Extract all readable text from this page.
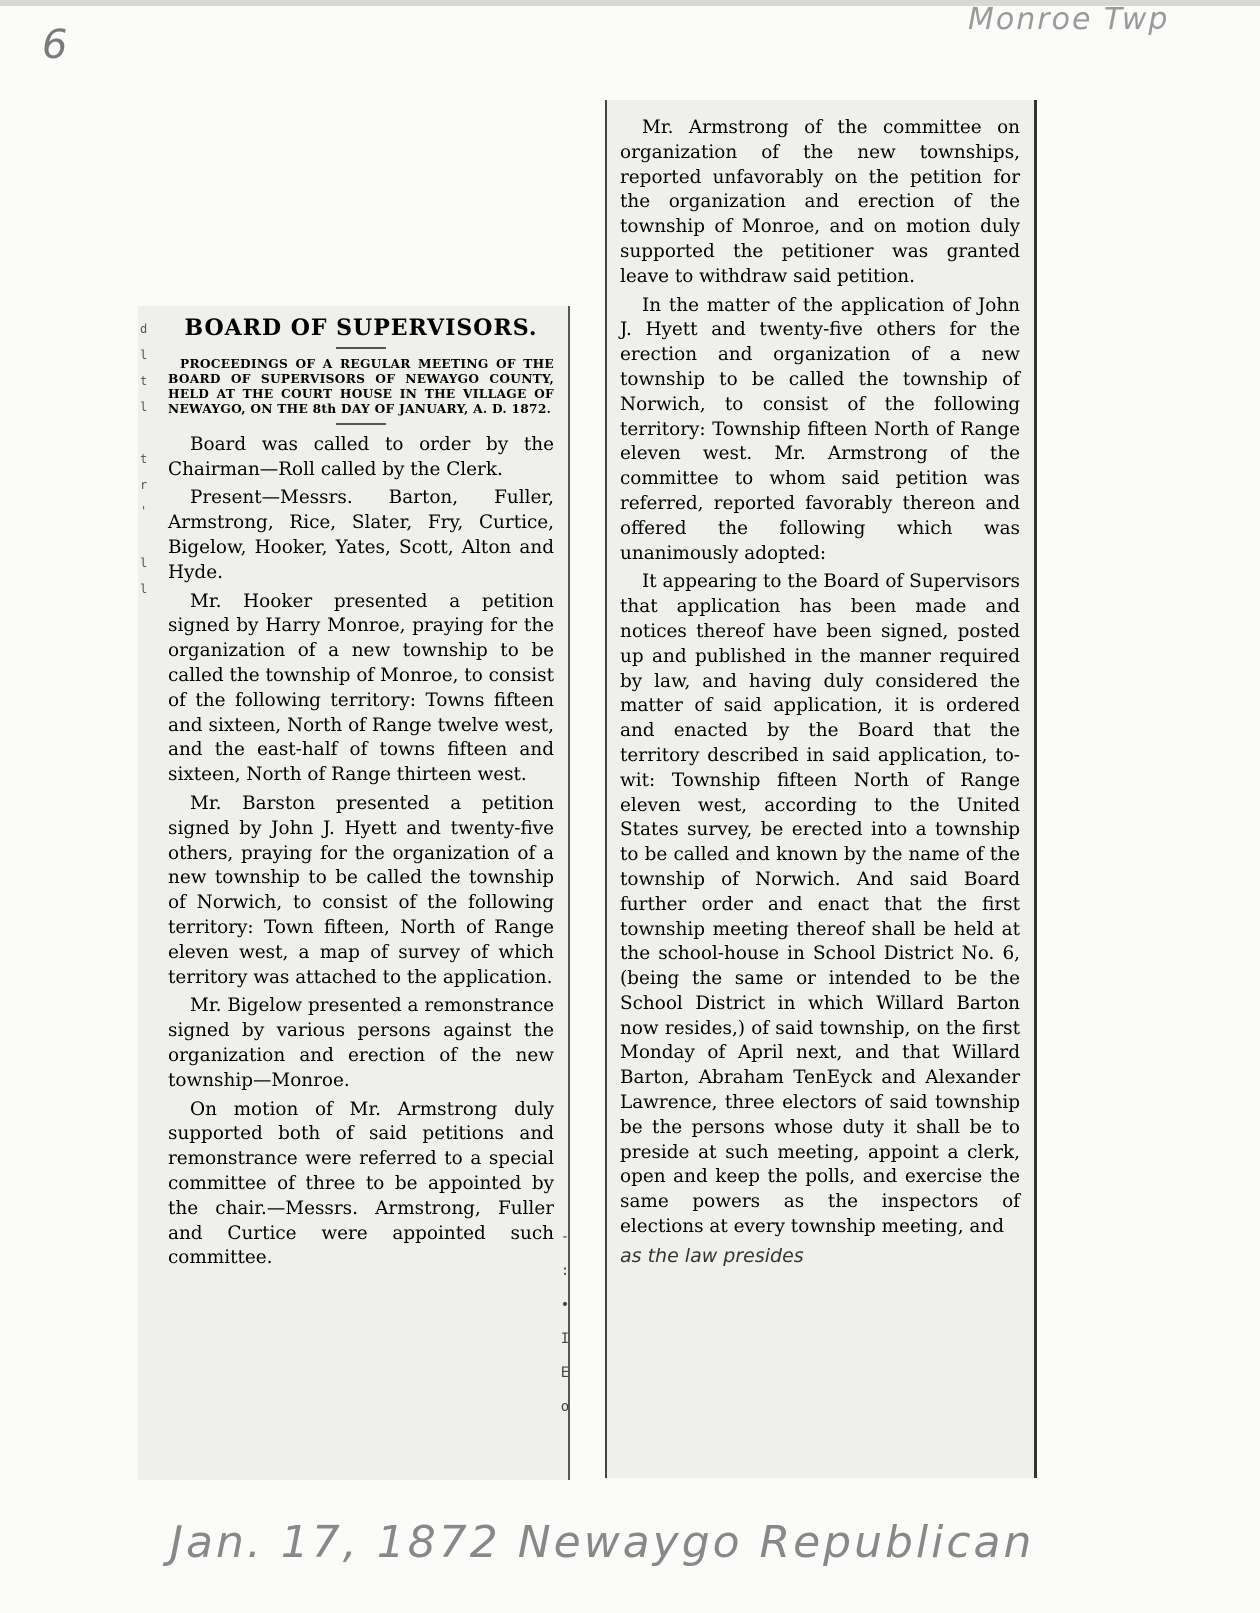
6
Monroe Twp
d
l
t
l

t
r
'

l
l
-
:
•
I
E
o
BOARD OF SUPERVISORS.
PROCEEDINGS OF A REGULAR MEETING OF THE BOARD OF SUPERVISORS OF NEWAYGO COUNTY, HELD AT THE COURT HOUSE IN THE VILLAGE OF NEWAYGO, ON THE 8th DAY OF JANUARY, A. D. 1872.

Board was called to order by the Chairman—Roll called by the Clerk.

Present—Messrs. Barton, Fuller, Armstrong, Rice, Slater, Fry, Curtice, Bigelow, Hooker, Yates, Scott, Alton and Hyde.

Mr. Hooker presented a petition signed by Harry Monroe, praying for the organization of a new township to be called the township of Monroe, to consist of the following territory: Towns fifteen and sixteen, North of Range twelve west, and the east-half of towns fifteen and sixteen, North of Range thirteen west.

Mr. Barston presented a petition signed by John J. Hyett and twenty-five others, praying for the organization of a new township to be called the township of Norwich, to consist of the following territory: Town fifteen, North of Range eleven west, a map of survey of which territory was attached to the application.

Mr. Bigelow presented a remonstrance signed by various persons against the organization and erection of the new township—Monroe.

On motion of Mr. Armstrong duly supported both of said petitions and remonstrance were referred to a special committee of three to be appointed by the chair.—Messrs. Armstrong, Fuller and Curtice were appointed such committee.

Mr. Armstrong of the committee on organization of the new townships, reported unfavorably on the petition for the organization and erection of the township of Monroe, and on motion duly supported the petitioner was granted leave to withdraw said petition.

In the matter of the application of John J. Hyett and twenty-five others for the erection and organization of a new township to be called the township of Norwich, to consist of the following territory: Township fifteen North of Range eleven west. Mr. Armstrong of the committee to whom said petition was referred, reported favorably thereon and offered the following which was unanimously adopted:

It appearing to the Board of Supervisors that application has been made and notices thereof have been signed, posted up and published in the manner required by law, and having duly considered the matter of said application, it is ordered and enacted by the Board that the territory described in said application, to-wit: Township fifteen North of Range eleven west, according to the United States survey, be erected into a township to be called and known by the name of the township of Norwich. And said Board further order and enact that the first township meeting thereof shall be held at the school-house in School District No. 6, (being the same or intended to be the School District in which Willard Barton now resides,) of said township, on the first Monday of April next, and that Willard Barton, Abraham TenEyck and Alexander Lawrence, three electors of said township be the persons whose duty it shall be to preside at such meeting, appoint a clerk, open and keep the polls, and exercise the same powers as the inspectors of elections at every township meeting, and

as the law presides

Jan. 17, 1872 Newaygo Republican
